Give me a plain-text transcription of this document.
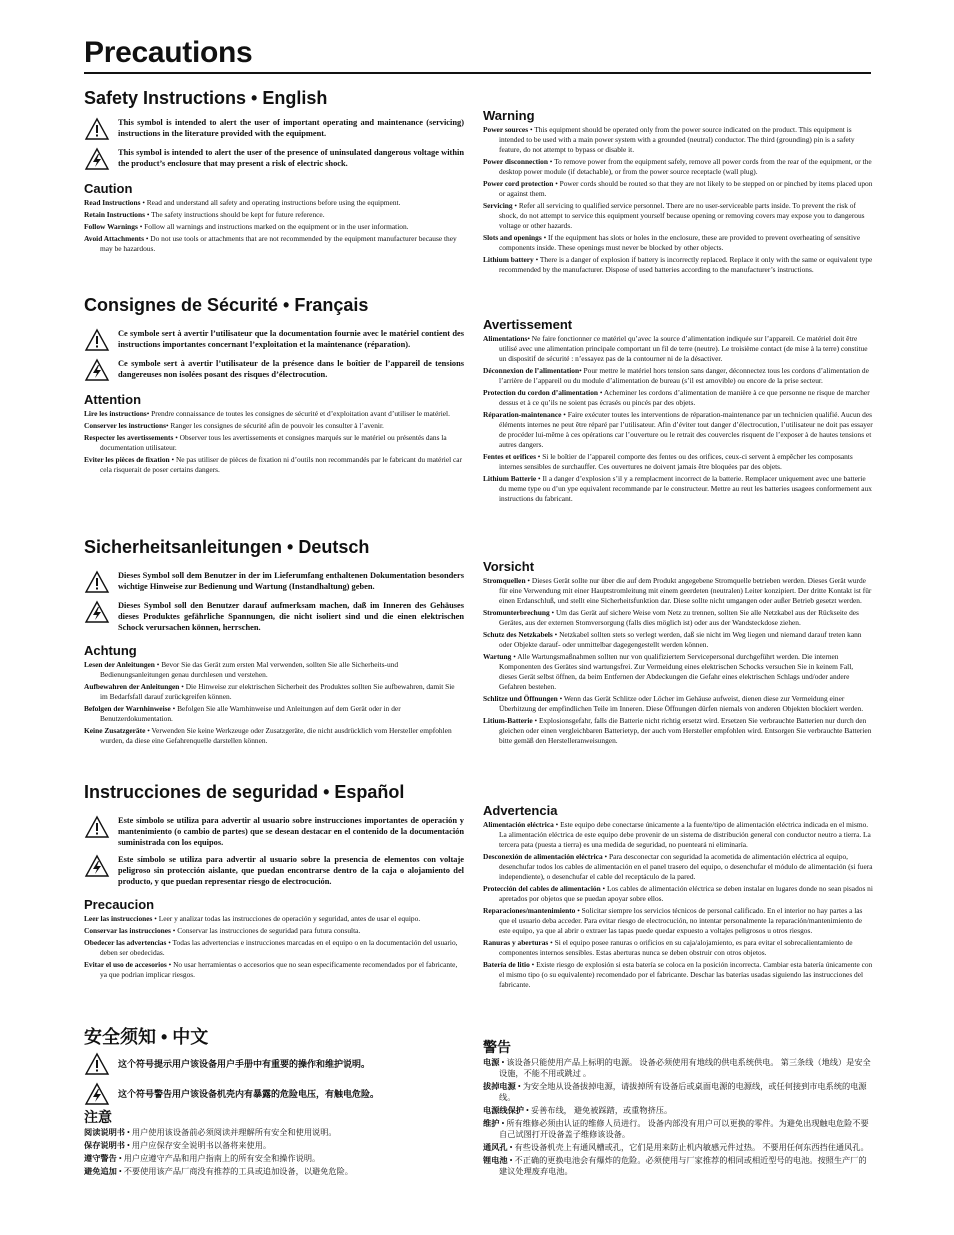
Precautions
Safety Instructions • English
This symbol is intended to alert the user of important operating and maintenance (servicing) instructions in the literature provided with the equipment.
This symbol is intended to alert the user of the presence of uninsulated dangerous voltage within the product’s enclosure that may present a risk of electric shock.
Caution
Read Instructions • Read and understand all safety and operating instructions before using the equipment.
Retain Instructions • The safety instructions should be kept for future reference.
Follow Warnings • Follow all warnings and instructions marked on the equipment or in the user information.
Avoid Attachments • Do not use tools or attachments that are not recommended by the equipment manufacturer because they may be hazardous.
Consignes de Sécurité • Français
Ce symbole sert à avertir l’utilisateur que la documentation fournie avec le matériel contient des instructions importantes concernant l’exploitation et la maintenance (réparation).
Ce symbole sert à avertir l’utilisateur de la présence dans le boîtier de l’appareil de tensions dangereuses non isolées posant des risques d’électrocution.
Attention
Lire les instructions• Prendre connaissance de toutes les consignes de sécurité et d’exploitation avant d’utiliser le matériel.
Conserver les instructions• Ranger les consignes de sécurité afin de pouvoir les consulter à l’avenir.
Respecter les avertissements • Observer tous les avertissements et consignes marqués sur le matériel ou présentés dans la documentation utilisateur.
Eviter les pièces de fixation • Ne pas utiliser de pièces de fixation ni d’outils non recommandés par le fabricant du matériel car cela risquerait de poser certains dangers.
Sicherheitsanleitungen • Deutsch
Dieses Symbol soll dem Benutzer in der im Lieferumfang enthaltenen Dokumentation besonders wichtige Hinweise zur Bedienung und Wartung (Instandhaltung) geben.
Dieses Symbol soll den Benutzer darauf aufmerksam machen, daß im Inneren des Gehäuses dieses Produktes gefährliche Spannungen, die nicht isoliert sind und die einen elektrischen Schock verursachen können, herrschen.
Achtung
Lesen der Anleitungen • Bevor Sie das Gerät zum ersten Mal verwenden, sollten Sie alle Sicherheits-und Bedienungsanleitungen genau durchlesen und verstehen.
Aufbewahren der Anleitungen • Die Hinweise zur elektrischen Sicherheit des Produktes sollten Sie aufbewahren, damit Sie im Bedarfsfall darauf zurückgreifen können.
Befolgen der Warnhinweise • Befolgen Sie alle Warnhinweise und Anleitungen auf dem Gerät oder in der Benutzerdokumentation.
Keine Zusatzgeräte • Verwenden Sie keine Werkzeuge oder Zusatzgeräte, die nicht ausdrücklich vom Hersteller empfohlen wurden, da diese eine Gefahrenquelle darstellen können.
Instrucciones de seguridad • Español
Este símbolo se utiliza para advertir al usuario sobre instrucciones importantes de operación y mantenimiento (o cambio de partes) que se desean destacar en el contenido de la documentación suministrada con los equipos.
Este símbolo se utiliza para advertir al usuario sobre la presencia de elementos con voltaje peligroso sin protección aislante, que puedan encontrarse dentro de la caja o alojamiento del producto, y que puedan representar riesgo de electrocución.
Precaucion
Leer las instrucciones • Leer y analizar todas las instrucciones de operación y seguridad, antes de usar el equipo.
Conservar las instrucciones • Conservar las instrucciones de seguridad para futura consulta.
Obedecer las advertencias • Todas las advertencias e instrucciones marcadas en el equipo o en la documentación del usuario, deben ser obedecidas.
Evitar el uso de accesorios • No usar herramientas o accesorios que no sean especificamente recomendados por el fabricante, ya que podrian implicar riesgos.
安全须知 • 中文
这个符号提示用户该设备用户手册中有重要的操作和维护说明。
这个符号警告用户该设备机壳内有暴露的危险电压，有触电危险。
注意
阅读说明书 • 用户使用该设备前必须阅读并理解所有安全和使用说明。
保存说明书 • 用户应保存安全说明书以备将来使用。
遵守警告 • 用户应遵守产品和用户指南上的所有安全和操作说明。
避免追加 • 不要使用该产品厂商没有推荐的工具或追加设备，以避免危险。
Warning
Power sources • This equipment should be operated only from the power source indicated on the product. This equipment is intended to be used with a main power system with a grounded (neutral) conductor. The third (grounding) pin is a safety feature, do not attempt to bypass or disable it.
Power disconnection • To remove power from the equipment safely, remove all power cords from the rear of the equipment, or the desktop power module (if detachable), or from the power source receptacle (wall plug).
Power cord protection • Power cords should be routed so that they are not likely to be stepped on or pinched by items placed upon or against them.
Servicing • Refer all servicing to qualified service personnel. There are no user-serviceable parts inside. To prevent the risk of shock, do not attempt to service this equipment yourself because opening or removing covers may expose you to dangerous voltage or other hazards.
Slots and openings • If the equipment has slots or holes in the enclosure, these are provided to prevent overheating of sensitive components inside. These openings must never be blocked by other objects.
Lithium battery • There is a danger of explosion if battery is incorrectly replaced. Replace it only with the same or equivalent type recommended by the manufacturer. Dispose of used batteries according to the manufacturer’s instructions.
Avertissement
Alimentations• Ne faire fonctionner ce matériel qu’avec la source d’alimentation indiquée sur l’appareil. Ce matériel doit être utilisé avec une alimentation principale comportant un fil de terre (neutre). Le troisième contact (de mise à la terre) constitue un dispositif de sécurité : n’essayez pas de la contourner ni de la désactiver.
Déconnexion de l’alimentation• Pour mettre le matériel hors tension sans danger, déconnectez tous les cordons d’alimentation de l’arrière de l’appareil ou du module d’alimentation de bureau (s’il est amovible) ou encore de la prise secteur.
Protection du cordon d’alimentation • Acheminer les cordons d’alimentation de manière à ce que personne ne risque de marcher dessus et à ce qu’ils ne soient pas écrasés ou pincés par des objets.
Réparation-maintenance • Faire exécuter toutes les interventions de réparation-maintenance par un technicien qualifié. Aucun des éléments internes ne peut être réparé par l’utilisateur. Afin d’éviter tout danger d’électrocution, l’utilisateur ne doit pas essayer de procéder lui-même à ces opérations car l’ouverture ou le retrait des couvercles risquent de l’exposer à de hautes tensions et autres dangers.
Fentes et orifices • Si le boîtier de l’appareil comporte des fentes ou des orifices, ceux-ci servent à empêcher les composants internes sensibles de surchauffer. Ces ouvertures ne doivent jamais être bloquées par des objets.
Lithium Batterie • Il a danger d’explosion s’il y a remplacment incorrect de la batterie. Remplacer uniquement avec une batterie du meme type ou d’un ype equivalent recommande par le constructeur. Mettre au reut les batteries usagees conformement aux instructions du fabricant.
Vorsicht
Stromquellen • Dieses Gerät sollte nur über die auf dem Produkt angegebene Stromquelle betrieben werden. Dieses Gerät wurde für eine Verwendung mit einer Hauptstromleitung mit einem geerdeten (neutralen) Leiter konzipiert. Der dritte Kontakt ist für einen Erdanschluß, und stellt eine Sicherheitsfunktion dar. Diese sollte nicht umgangen oder außer Betrieb gesetzt werden.
Stromunterbrechung • Um das Gerät auf sichere Weise vom Netz zu trennen, sollten Sie alle Netzkabel aus der Rückseite des Gerätes, aus der externen Stomversorgung (falls dies möglich ist) oder aus der Wandsteckdose ziehen.
Schutz des Netzkabels • Netzkabel sollten stets so verlegt werden, daß sie nicht im Weg liegen und niemand darauf treten kann oder Objekte darauf- oder unmittelbar dagegengestellt werden können.
Wartung • Alle Wartungsmaßnahmen sollten nur von qualifiziertem Servicepersonal durchgeführt werden. Die internen Komponenten des Gerätes sind wartungsfrei. Zur Vermeidung eines elektrischen Schocks versuchen Sie in keinem Fall, dieses Gerät selbst öffnen, da beim Entfernen der Abdeckungen die Gefahr eines elektrischen Schlags und/oder andere Gefahren bestehen.
Schlitze und Öffnungen • Wenn das Gerät Schlitze oder Löcher im Gehäuse aufweist, dienen diese zur Vermeidung einer Überhitzung der empfindlichen Teile im Inneren. Diese Öffnungen dürfen niemals von anderen Objekten blockiert werden.
Litium-Batterie • Explosionsgefahr, falls die Batterie nicht richtig ersetzt wird. Ersetzen Sie verbrauchte Batterien nur durch den gleichen oder einen vergleichbaren Batterietyp, der auch vom Hersteller empfohlen wird. Entsorgen Sie verbrauchte Batterien bitte gemäß den Herstelleranweisungen.
Advertencia
Alimentación eléctrica • Este equipo debe conectarse únicamente a la fuente/tipo de alimentación eléctrica indicada en el mismo. La alimentación eléctrica de este equipo debe provenir de un sistema de distribución general con conductor neutro a tierra. La tercera pata (puesta a tierra) es una medida de seguridad, no puenteará ni eliminaría.
Desconexión de alimentación eléctrica • Para desconectar con seguridad la acometida de alimentación eléctrica al equipo, desenchufar todos los cables de alimentación en el panel trasero del equipo, o desenchufar el módulo de alimentación (si fuera independiente), o desenchufar el cable del receptáculo de la pared.
Protección del cables de alimentación • Los cables de alimentación eléctrica se deben instalar en lugares donde no sean pisados ni apretados por objetos que se puedan apoyar sobre ellos.
Reparaciones/mantenimiento • Solicitar siempre los servicios técnicos de personal calificado. En el interior no hay partes a las que el usuario deba acceder. Para evitar riesgo de electrocución, no intentar personalmente la reparación/mantenimiento de este equipo, ya que al abrir o extraer las tapas puede quedar expuesto a voltajes peligrosos u otros riesgos.
Ranuras y aberturas • Si el equipo posee ranuras o orificios en su caja/alojamiento, es para evitar el sobrecalientamiento de componentes internos sensibles. Estas aberturas nunca se deben obstruir con otros objetos.
Batería de litio • Existe riesgo de explosión si esta batería se coloca en la posición incorrecta. Cambiar esta batería únicamente con el mismo tipo (o su equivalente) recomendado por el fabricante. Deschar las baterías usadas siguiendo las instrucciones del fabricante.
警告
电源 • 该设备只能使用产品上标明的电源。 设备必须使用有地线的供电系统供电。 第三条线（地线）是安全设施，不能不用或跳过 。
拔掉电源 • 为安全地从设备拔掉电源，请拔掉所有设备后或桌面电源的电源线，或任何接到市电系统的电源线。
电源线保护 • 妥善布线， 避免被踩踏，或重物挤压。
维护 • 所有维修必须由认证的维修人员进行。 设备内部没有用户可以更换的零件。为避免出现触电危险不要自己试图打开设备盖子维修该设备。
通风孔 • 有些设备机壳上有通风槽或孔，它们是用来防止机内敏感元件过热。 不要用任何东西挡住通风孔。
锂电池 • 不正确的更换电池会有爆炸的危险。必须使用与厂家推荐的相同或相近型号的电池。按照生产厂的建议处理废弃电池。
